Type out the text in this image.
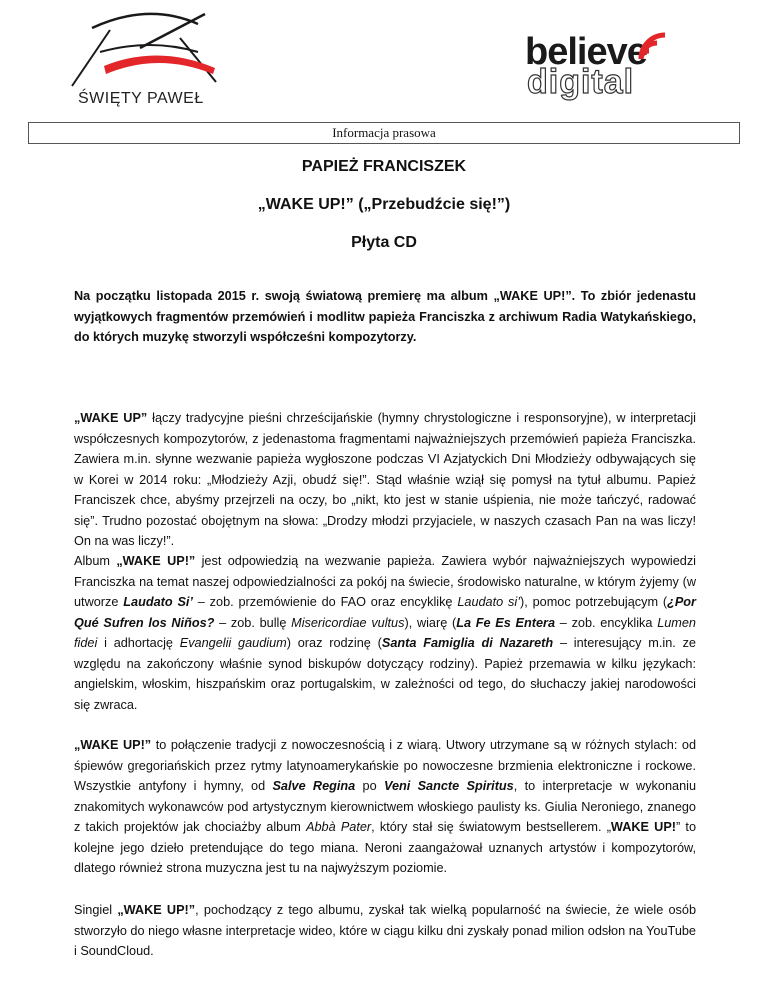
ŚWIĘTY PAWEŁ
believe
digital
Informacja prasowa
PAPIEŻ FRANCISZEK
„WAKE UP!” („Przebudźcie się!”)
Płyta CD

Na początku listopada 2015 r. swoją światową premierę ma album „WAKE UP!”. To zbiór jedenastu wyjątkowych fragmentów przemówień i modlitw papieża Franciszka z archiwum Radia Watykańskiego, do których muzykę stworzyli współcześni kompozytorzy.

„WAKE UP” łączy tradycyjne pieśni chrześcijańskie (hymny chrystologiczne i responsoryjne), w interpretacji współczesnych kompozytorów, z jedenastoma fragmentami najważniejszych przemówień papieża Franciszka. Zawiera m.in. słynne wezwanie papieża wygłoszone podczas VI Azjatyckich Dni Młodzieży odbywających się w Korei w 2014 roku: „Młodzieży Azji, obudź się!”. Stąd właśnie wziął się pomysł na tytuł albumu. Papież Franciszek chce, abyśmy przejrzeli na oczy, bo „nikt, kto jest w stanie uśpienia, nie może tańczyć, radować się”. Trudno pozostać obojętnym na słowa: „Drodzy młodzi przyjaciele, w naszych czasach Pan na was liczy! On na was liczy!”.

Album „WAKE UP!” jest odpowiedzią na wezwanie papieża. Zawiera wybór najważniejszych wypowiedzi Franciszka na temat naszej odpowiedzialności za pokój na świecie, środowisko naturalne, w którym żyjemy (w utworze Laudato Si’ – zob. przemówienie do FAO oraz encyklikę Laudato si’), pomoc potrzebującym (¿Por Qué Sufren los Niños? – zob. bullę Misericordiae vultus), wiarę (La Fe Es Entera – zob. encyklika Lumen fidei i adhortację Evangelii gaudium) oraz rodzinę (Santa Famiglia di Nazareth – interesujący m.in. ze względu na zakończony właśnie synod biskupów dotyczący rodziny). Papież przemawia w kilku językach: angielskim, włoskim, hiszpańskim oraz portugalskim, w zależności od tego, do słuchaczy jakiej narodowości się zwraca.

„WAKE UP!” to połączenie tradycji z nowoczesnością i z wiarą. Utwory utrzymane są w różnych stylach: od śpiewów gregoriańskich przez rytmy latynoamerykańskie po nowoczesne brzmienia elektroniczne i rockowe. Wszystkie antyfony i hymny, od Salve Regina po Veni Sancte Spiritus, to interpretacje w wykonaniu znakomitych wykonawców pod artystycznym kierownictwem włoskiego paulisty ks. Giulia Neroniego, znanego z takich projektów jak chociażby album Abbà Pater, który stał się światowym bestsellerem. „WAKE UP!” to kolejne jego dzieło pretendujące do tego miana. Neroni zaangażował uznanych artystów i kompozytorów, dlatego również strona muzyczna jest tu na najwyższym poziomie.

Singiel „WAKE UP!”, pochodzący z tego albumu, zyskał tak wielką popularność na świecie, że wiele osób stworzyło do niego własne interpretacje wideo, które w ciągu kilku dni zyskały ponad milion odsłon na YouTube i SoundCloud.
